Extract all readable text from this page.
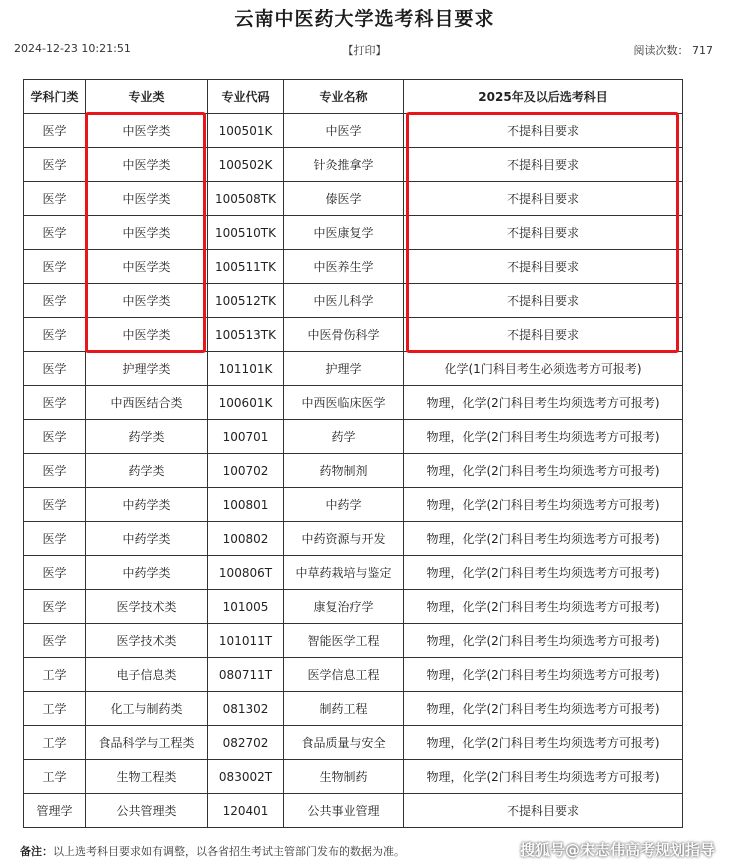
云南中医药大学选考科目要求
2024-12-23 10:21:51	【打印】	阅读次数： 717
学科门类	专业类	专业代码	专业名称	2025年及以后选考科目
医学	中医学类	100501K	中医学	不提科目要求
医学	中医学类	100502K	针灸推拿学	不提科目要求
医学	中医学类	100508TK	傣医学	不提科目要求
医学	中医学类	100510TK	中医康复学	不提科目要求
医学	中医学类	100511TK	中医养生学	不提科目要求
医学	中医学类	100512TK	中医儿科学	不提科目要求
医学	中医学类	100513TK	中医骨伤科学	不提科目要求
医学	护理学类	101101K	护理学	化学(1门科目考生必须选考方可报考)
医学	中西医结合类	100601K	中西医临床医学	物理，化学(2门科目考生均须选考方可报考)
医学	药学类	100701	药学	物理，化学(2门科目考生均须选考方可报考)
医学	药学类	100702	药物制剂	物理，化学(2门科目考生均须选考方可报考)
医学	中药学类	100801	中药学	物理，化学(2门科目考生均须选考方可报考)
医学	中药学类	100802	中药资源与开发	物理，化学(2门科目考生均须选考方可报考)
医学	中药学类	100806T	中草药栽培与鉴定	物理，化学(2门科目考生均须选考方可报考)
医学	医学技术类	101005	康复治疗学	物理，化学(2门科目考生均须选考方可报考)
医学	医学技术类	101011T	智能医学工程	物理，化学(2门科目考生均须选考方可报考)
工学	电子信息类	080711T	医学信息工程	物理，化学(2门科目考生均须选考方可报考)
工学	化工与制药类	081302	制药工程	物理，化学(2门科目考生均须选考方可报考)
工学	食品科学与工程类	082702	食品质量与安全	物理，化学(2门科目考生均须选考方可报考)
工学	生物工程类	083002T	生物制药	物理，化学(2门科目考生均须选考方可报考)
管理学	公共管理类	120401	公共事业管理	不提科目要求
备注：以上选考科目要求如有调整，以各省招生考试主管部门发布的数据为准。	搜狐号@宋志伟高考规划指导
